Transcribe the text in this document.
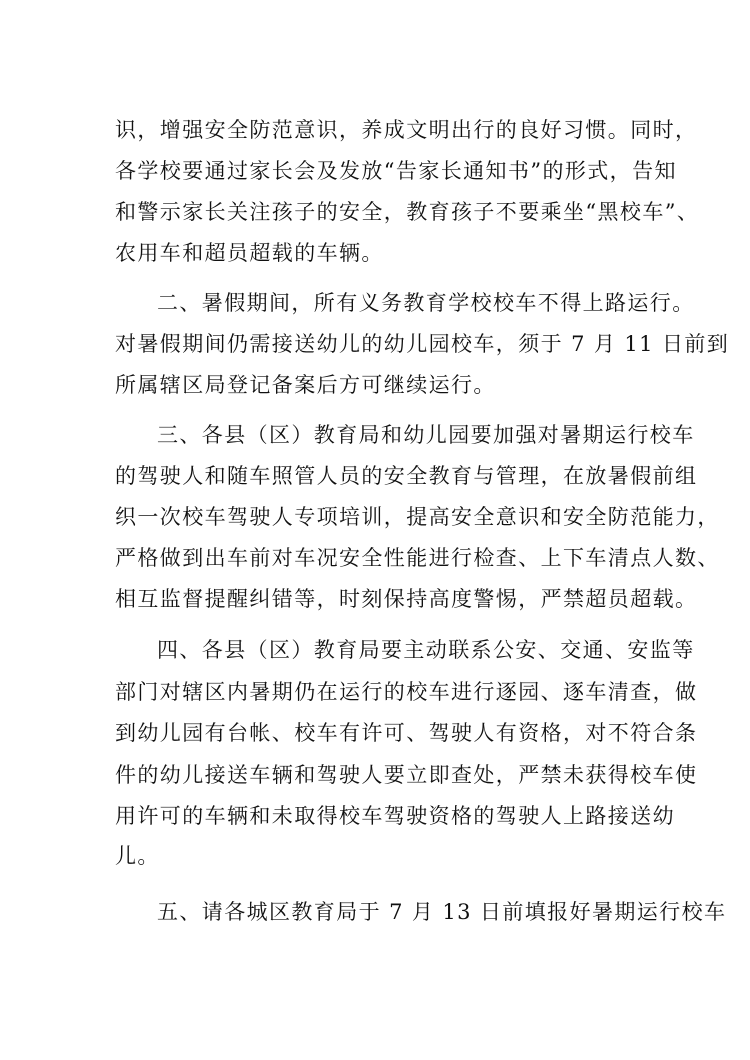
识，增强安全防范意识，养成文明出行的良好习惯。同时，
各学校要通过家长会及发放“告家长通知书”的形式，告知
和警示家长关注孩子的安全，教育孩子不要乘坐“黑校车”、
农用车和超员超载的车辆。
二、暑假期间，所有义务教育学校校车不得上路运行。
对暑假期间仍需接送幼儿的幼儿园校车，须于 7 月 11 日前到
所属辖区局登记备案后方可继续运行。
三、各县（区）教育局和幼儿园要加强对暑期运行校车
的驾驶人和随车照管人员的安全教育与管理，在放暑假前组
织一次校车驾驶人专项培训，提高安全意识和安全防范能力，
严格做到出车前对车况安全性能进行检查、上下车清点人数、
相互监督提醒纠错等，时刻保持高度警惕，严禁超员超载。
四、各县（区）教育局要主动联系公安、交通、安监等
部门对辖区内暑期仍在运行的校车进行逐园、逐车清查，做
到幼儿园有台帐、校车有许可、驾驶人有资格，对不符合条
件的幼儿接送车辆和驾驶人要立即查处，严禁未获得校车使
用许可的车辆和未取得校车驾驶资格的驾驶人上路接送幼
儿。
五、请各城区教育局于 7 月 13 日前填报好暑期运行校车
